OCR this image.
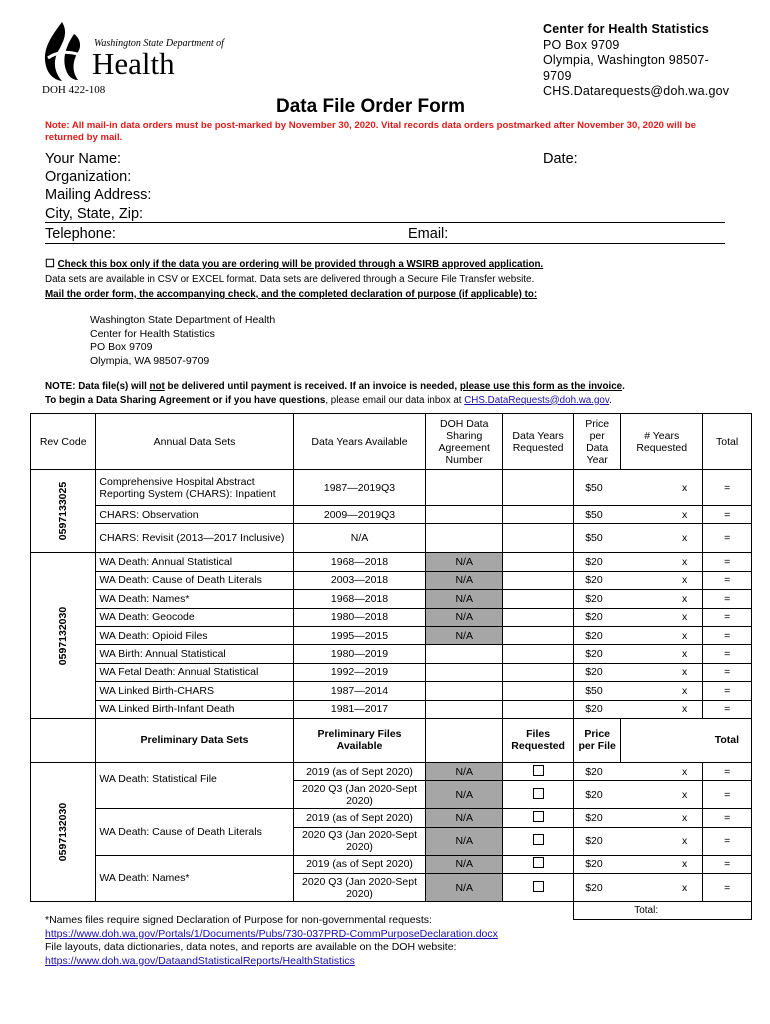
Washington State Department of
Health
DOH 422-108
Center for Health Statistics
PO Box 9709
Olympia, Washington 98507-
9709
CHS.Datarequests@doh.wa.gov
Data File Order Form
Note: All mail-in data orders must be post-marked by November 30, 2020. Vital records data orders postmarked after November 30, 2020 will be returned by mail.
Your Name:	Date:
Organization:
Mailing Address:
City, State, Zip:
Telephone:	Email:
☐ Check this box only if the data you are ordering will be provided through a WSIRB approved application.
Data sets are available in CSV or EXCEL format. Data sets are delivered through a Secure File Transfer website.
Mail the order form, the accompanying check, and the completed declaration of purpose (if applicable) to:
Washington State Department of Health
Center for Health Statistics
PO Box 9709
Olympia, WA 98507-9709
NOTE: Data file(s) will not be delivered until payment is received. If an invoice is needed, please use this form as the invoice.
To begin a Data Sharing Agreement or if you have questions, please email our data inbox at CHS.DataRequests@doh.wa.gov.
Rev Code	Annual Data Sets	Data Years Available	DOH Data Sharing Agreement Number	Data Years Requested	Price per Data Year	# Years Requested	Total
0597133025	Comprehensive Hospital Abstract Reporting System (CHARS): Inpatient	1987—2019Q3			$50 x		=
	CHARS: Observation	2009—2019Q3			$50 x		=
	CHARS: Revisit (2013—2017 Inclusive)	N/A			$50 x		=
0597132030	WA Death: Annual Statistical	1968—2018	N/A		$20 x		=
	WA Death: Cause of Death Literals	2003—2018	N/A		$20 x		=
	WA Death: Names*	1968—2018	N/A		$20 x		=
	WA Death: Geocode	1980—2018	N/A		$20 x		=
	WA Death: Opioid Files	1995—2015	N/A		$20 x		=
	WA Birth: Annual Statistical	1980—2019			$20 x		=
	WA Fetal Death: Annual Statistical	1992—2019			$20 x		=
	WA Linked Birth-CHARS	1987—2014			$50 x		=
	WA Linked Birth-Infant Death	1981—2017			$20 x		=
	Preliminary Data Sets	Preliminary Files Available		Files Requested	Price per File		Total
0597132030	WA Death: Statistical File	2019 (as of Sept 2020)	N/A		$20 x		=
		2020 Q3 (Jan 2020-Sept 2020)	N/A		$20 x		=
	WA Death: Cause of Death Literals	2019 (as of Sept 2020)	N/A		$20 x		=
		2020 Q3 (Jan 2020-Sept 2020)	N/A		$20 x		=
	WA Death: Names*	2019 (as of Sept 2020)	N/A		$20 x		=
		2020 Q3 (Jan 2020-Sept 2020)	N/A		$20 x		=
					Total:		
*Names files require signed Declaration of Purpose for non-governmental requests:
https://www.doh.wa.gov/Portals/1/Documents/Pubs/730-037PRD-CommPurposeDeclaration.docx
File layouts, data dictionaries, data notes, and reports are available on the DOH website:
https://www.doh.wa.gov/DataandStatisticalReports/HealthStatistics
